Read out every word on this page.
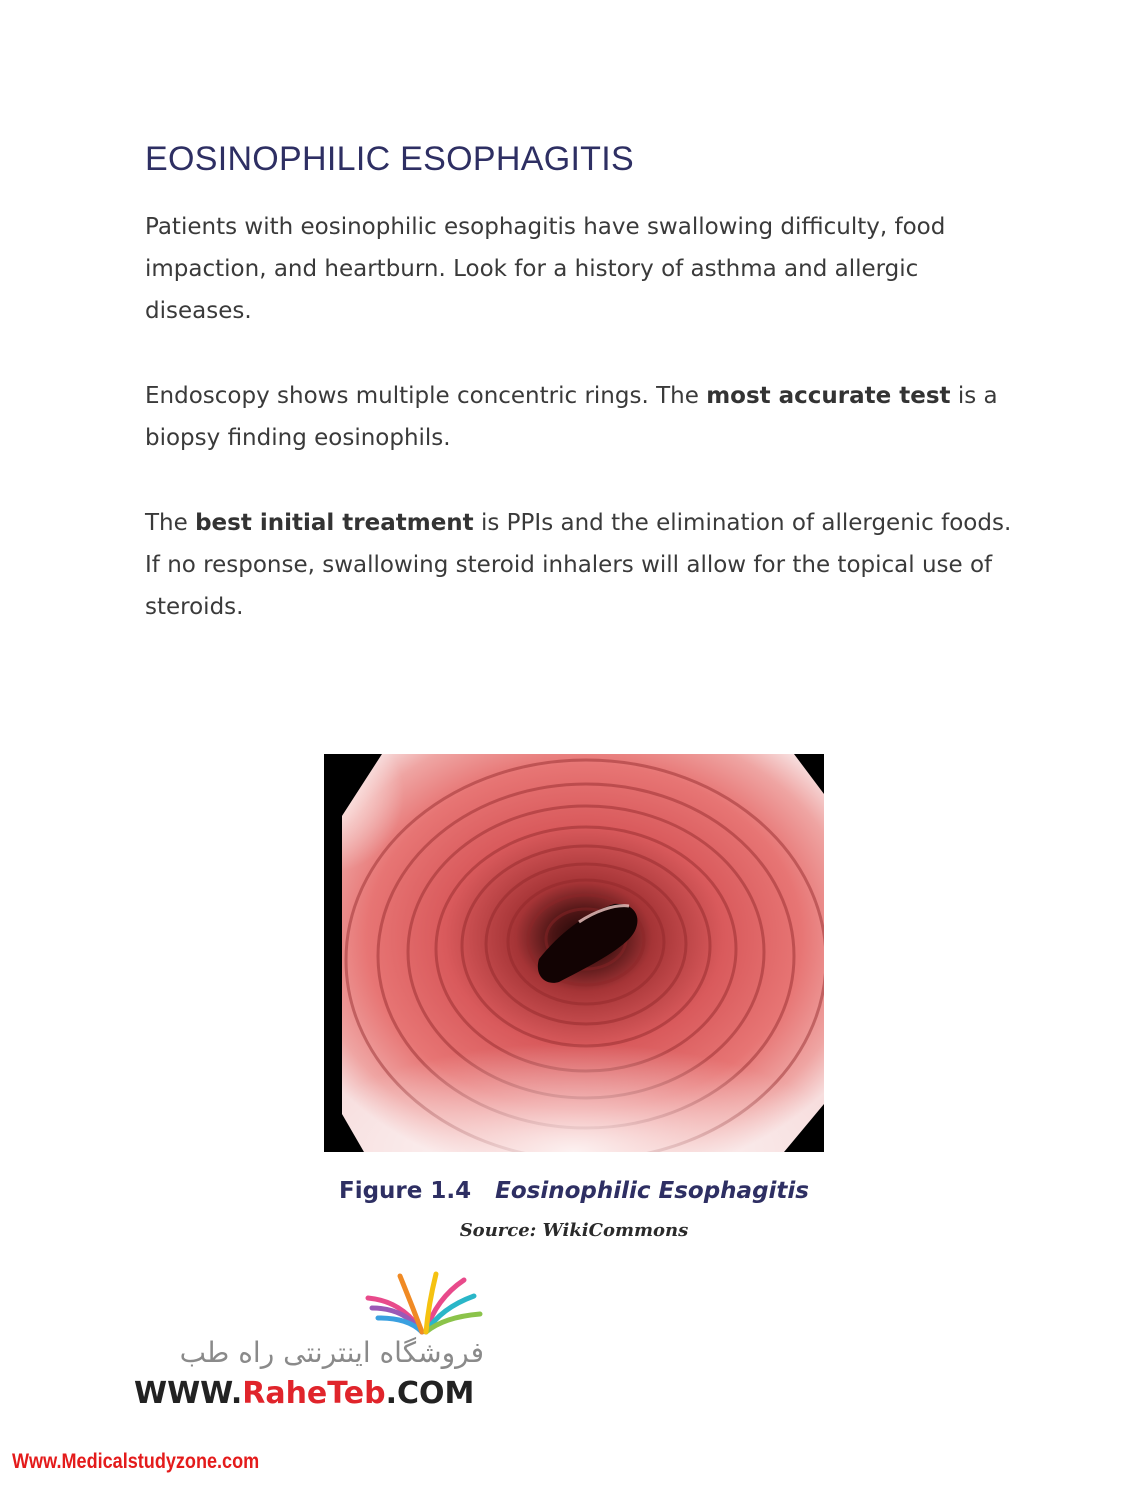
EOSINOPHILIC ESOPHAGITIS

Patients with eosinophilic esophagitis have swallowing difficulty, food impaction, and heartburn. Look for a history of asthma and allergic diseases.

Endoscopy shows multiple concentric rings. The most accurate test is a biopsy finding eosinophils.

The best initial treatment is PPIs and the elimination of allergenic foods. If no response, swallowing steroid inhalers will allow for the topical use of steroids.

Figure 1.4 Eosinophilic Esophagitis
Source: WikiCommons
فروشگاه اینترنتی راه طب
WWW.RaheTeb.COM
Www.Medicalstudyzone.com
